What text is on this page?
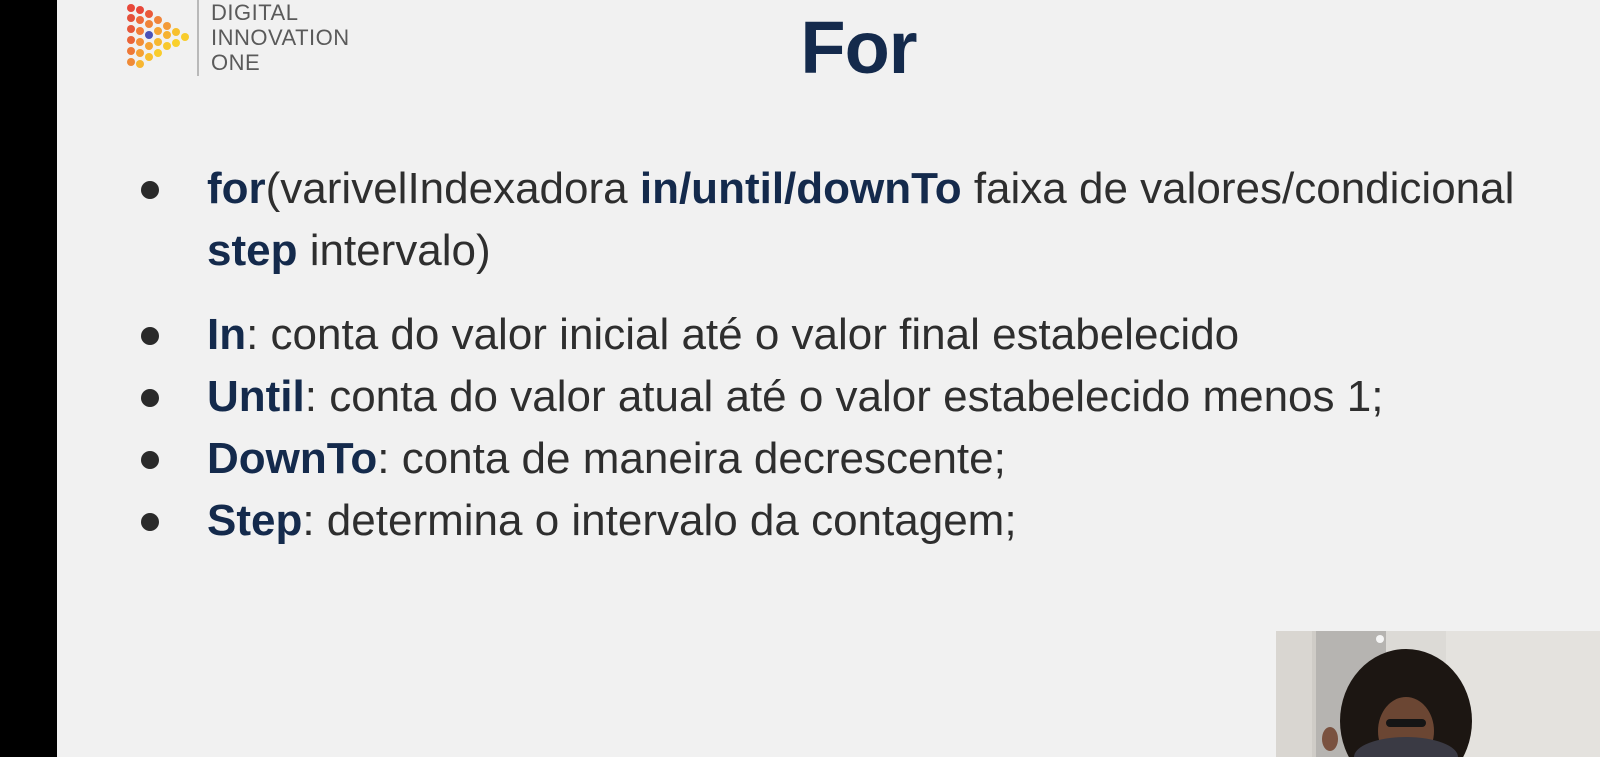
DIGITAL
INNOVATION
ONE	For
for(varivelIndexadora in/until/downTo faixa de valores/condicional step intervalo)
In: conta do valor inicial até o valor final estabelecido
Until: conta do valor atual até o valor estabelecido menos 1;
DownTo: conta de maneira decrescente;
Step: determina o intervalo da contagem;
